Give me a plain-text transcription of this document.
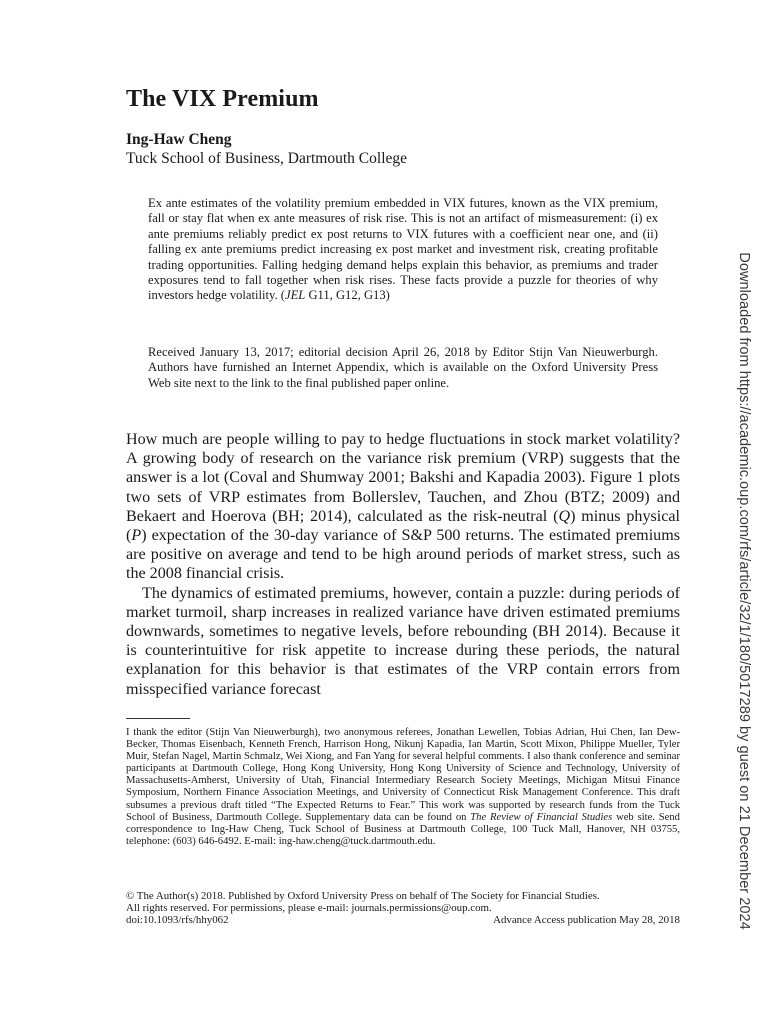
The VIX Premium
Ing-Haw Cheng
Tuck School of Business, Dartmouth College
Ex ante estimates of the volatility premium embedded in VIX futures, known as the VIX premium, fall or stay flat when ex ante measures of risk rise. This is not an artifact of mismeasurement: (i) ex ante premiums reliably predict ex post returns to VIX futures with a coefficient near one, and (ii) falling ex ante premiums predict increasing ex post market and investment risk, creating profitable trading opportunities. Falling hedging demand helps explain this behavior, as premiums and trader exposures tend to fall together when risk rises. These facts provide a puzzle for theories of why investors hedge volatility. (JEL G11, G12, G13)
Received January 13, 2017; editorial decision April 26, 2018 by Editor Stijn Van Nieuwerburgh. Authors have furnished an Internet Appendix, which is available on the Oxford University Press Web site next to the link to the final published paper online.

How much are people willing to pay to hedge fluctuations in stock market volatility? A growing body of research on the variance risk premium (VRP) suggests that the answer is a lot (Coval and Shumway 2001; Bakshi and Kapadia 2003). Figure 1 plots two sets of VRP estimates from Bollerslev, Tauchen, and Zhou (BTZ; 2009) and Bekaert and Hoerova (BH; 2014), calculated as the risk-neutral (Q) minus physical (P) expectation of the 30-day variance of S&P 500 returns. The estimated premiums are positive on average and tend to be high around periods of market stress, such as the 2008 financial crisis.

The dynamics of estimated premiums, however, contain a puzzle: during periods of market turmoil, sharp increases in realized variance have driven estimated premiums downwards, sometimes to negative levels, before rebounding (BH 2014). Because it is counterintuitive for risk appetite to increase during these periods, the natural explanation for this behavior is that estimates of the VRP contain errors from misspecified variance forecast

I thank the editor (Stijn Van Nieuwerburgh), two anonymous referees, Jonathan Lewellen, Tobias Adrian, Hui Chen, Ian Dew-Becker, Thomas Eisenbach, Kenneth French, Harrison Hong, Nikunj Kapadia, Ian Martin, Scott Mixon, Philippe Mueller, Tyler Muir, Stefan Nagel, Martin Schmalz, Wei Xiong, and Fan Yang for several helpful comments. I also thank conference and seminar participants at Dartmouth College, Hong Kong University, Hong Kong University of Science and Technology, University of Massachusetts-Amherst, University of Utah, Financial Intermediary Research Society Meetings, Michigan Mitsui Finance Symposium, Northern Finance Association Meetings, and University of Connecticut Risk Management Conference. This draft subsumes a previous draft titled “The Expected Returns to Fear.” This work was supported by research funds from the Tuck School of Business, Dartmouth College. Supplementary data can be found on The Review of Financial Studies web site. Send correspondence to Ing-Haw Cheng, Tuck School of Business at Dartmouth College, 100 Tuck Mall, Hanover, NH 03755, telephone: (603) 646-6492. E-mail: ing-haw.cheng@tuck.dartmouth.edu.
© The Author(s) 2018. Published by Oxford University Press on behalf of The Society for Financial Studies.
All rights reserved. For permissions, please e-mail: journals.permissions@oup.com.
doi:10.1093/rfs/hhy062	Advance Access publication May 28, 2018	Downloaded from https://academic.oup.com/rfs/article/32/1/180/5017289 by guest on 21 December 2024
